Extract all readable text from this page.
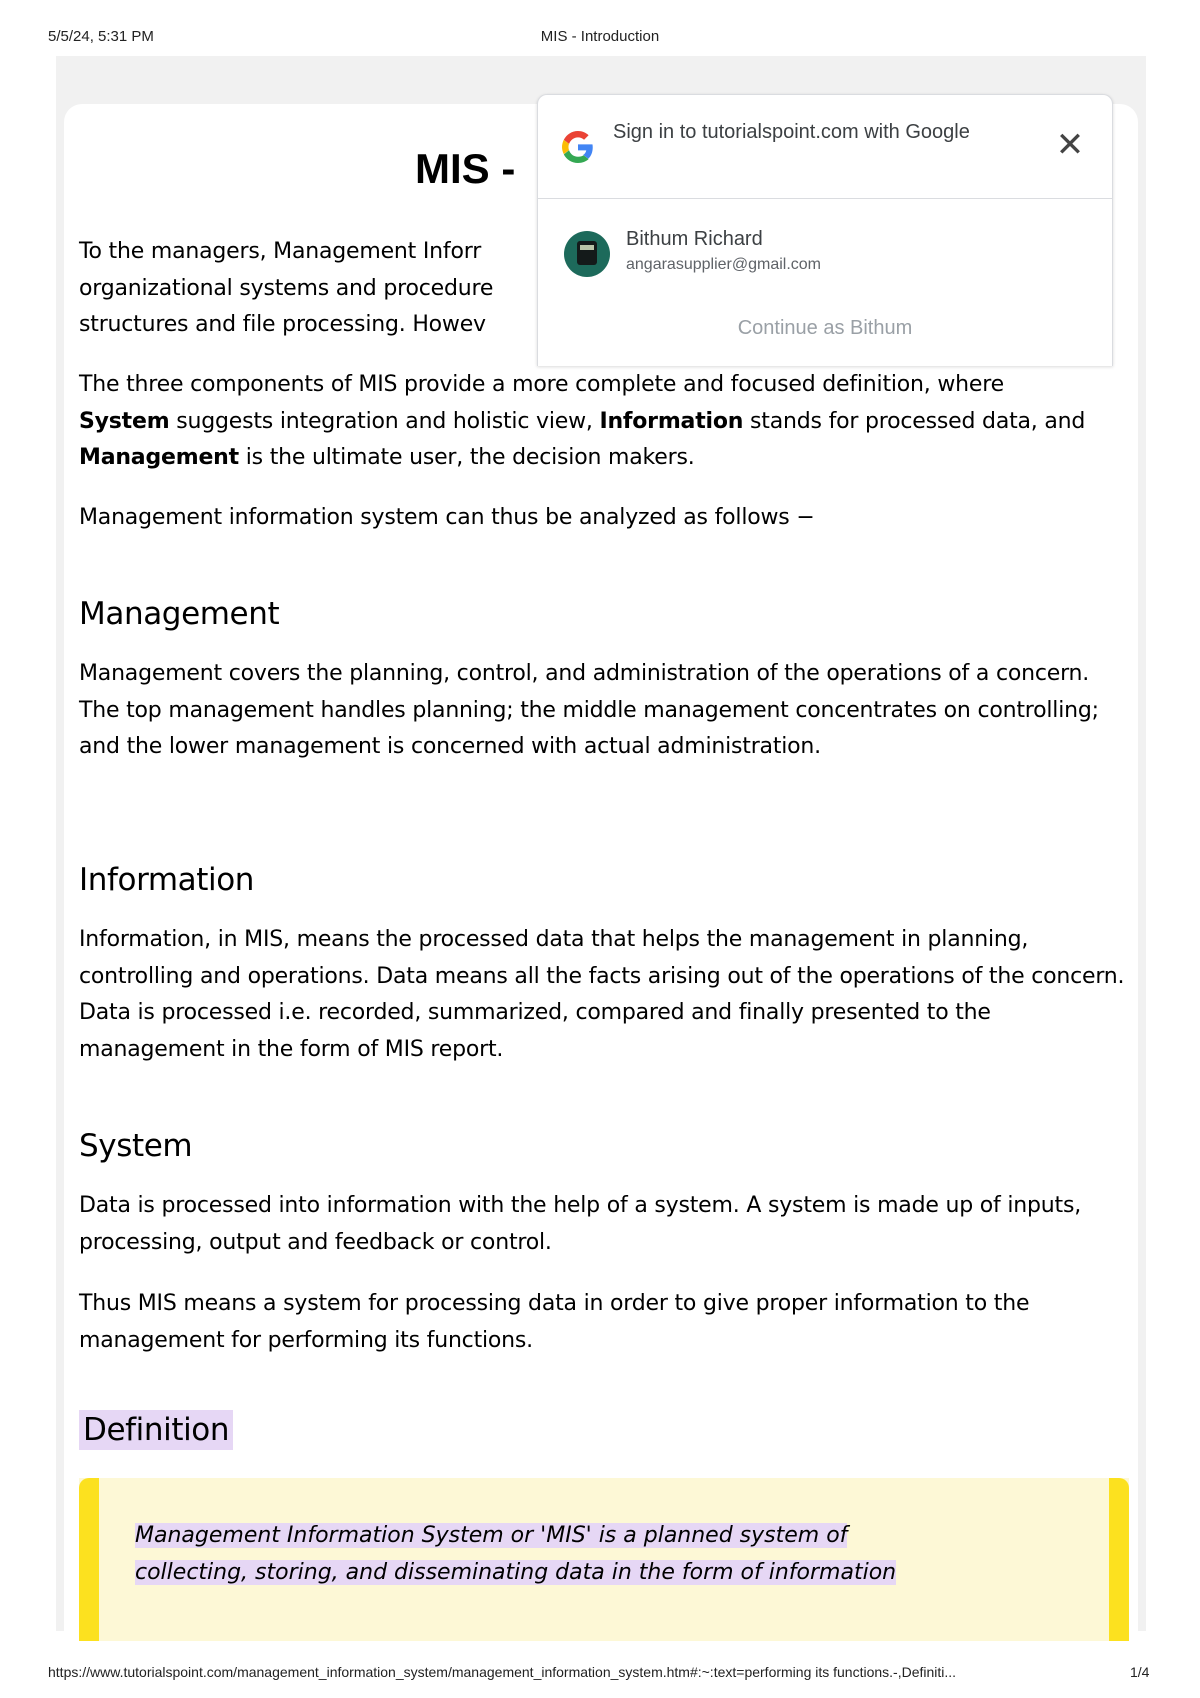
5/5/24, 5:31 PM	MIS - Introduction
MIS -

To the managers, Management Inforr
organizational systems and procedure
structures and file processing. Howev

The three components of MIS provide a more complete and focused definition, where
System suggests integration and holistic view, Information stands for processed data, and Management is the ultimate user, the decision makers.

Management information system can thus be analyzed as follows −

Management

Management covers the planning, control, and administration of the operations of a concern. The top management handles planning; the middle management concentrates on controlling; and the lower management is concerned with actual administration.

Information

Information, in MIS, means the processed data that helps the management in planning, controlling and operations. Data means all the facts arising out of the operations of the concern. Data is processed i.e. recorded, summarized, compared and finally presented to the management in the form of MIS report.

System

Data is processed into information with the help of a system. A system is made up of inputs, processing, output and feedback or control.

Thus MIS means a system for processing data in order to give proper information to the management for performing its functions.

Definition
Management Information System or 'MIS' is a planned system of
collecting, storing, and disseminating data in the form of information
Sign in to tutorialspoint.com with Google	✕
Bithum Richard
angarasupplier@gmail.com
Continue as Bithum
https://www.tutorialspoint.com/management_information_system/management_information_system.htm#:~:text=performing its functions.-,Definiti...	1/4
